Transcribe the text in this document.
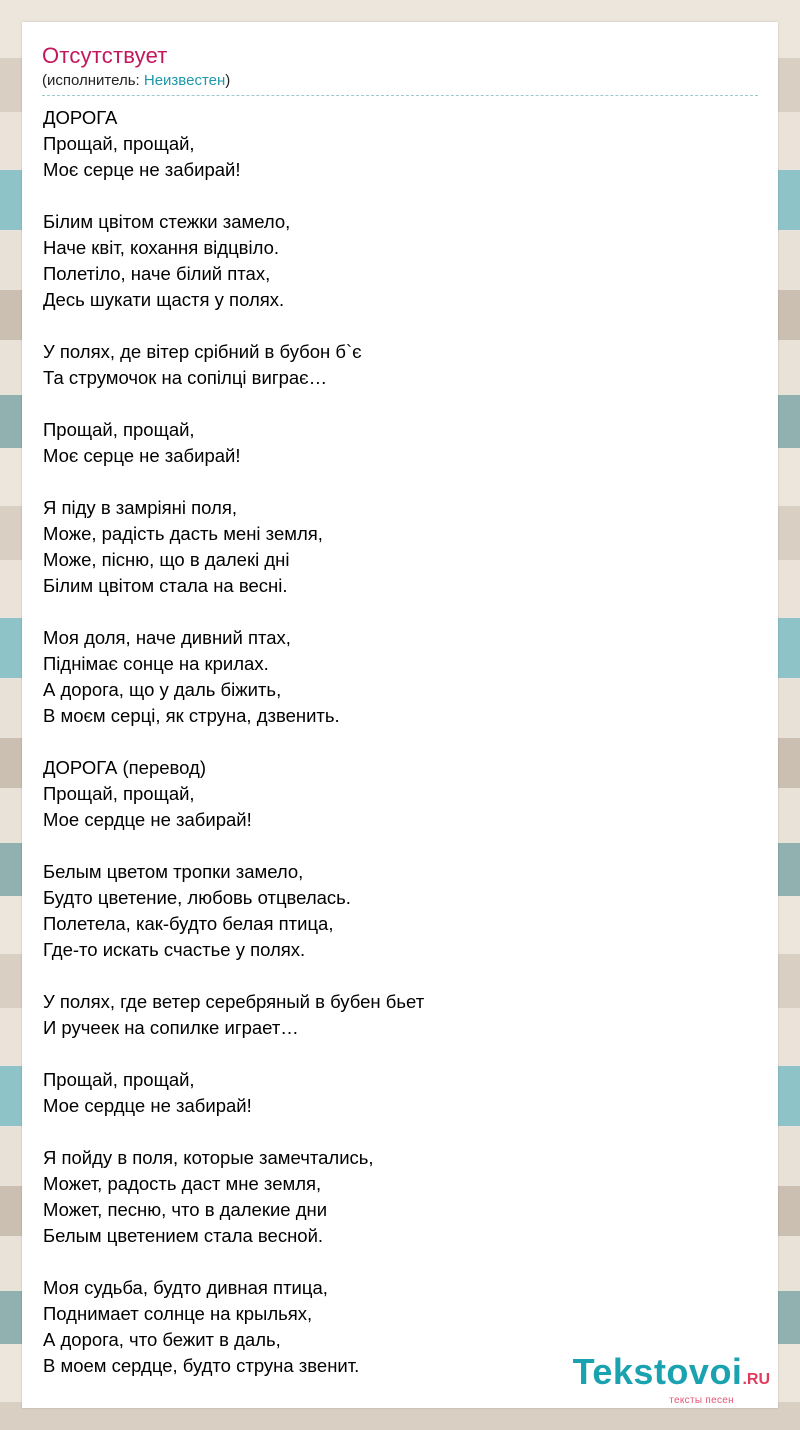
Отсутствует
(исполнитель: Неизвестен)
ДОРОГА
Прощай, прощай,
Моє серце не забирай!

Білим цвітом стежки замело,
Наче квіт, кохання відцвіло.
Полетіло, наче білий птах,
Десь шукати щастя у полях.

У полях, де вітер срібний в бубон б`є
Та струмочок на сопілці виграє…

Прощай, прощай,
Моє серце не забирай!

Я піду в замріяні поля,
Може, радість дасть мені земля,
Може, пісню, що в далекі дні
Білим цвітом стала на весні.

Моя доля, наче дивний птах,
Піднімає сонце на крилах.
А дорога, що у даль біжить,
В моєм серці, як струна, дзвенить.

ДОРОГА (перевод)
Прощай, прощай,
Мое сердце не забирай!

Белым цветом тропки замело,
Будто цветение, любовь отцвелась.
Полетела, как-будто белая птица,
Где-то искать счастье у полях.

У полях, где ветер серебряный в бубен бьет
И ручеек на сопилке играет…

Прощай, прощай,
Мое сердце не забирай!

Я пойду в поля, которые замечтались,
Может, радость даст мне земля,
Может, песню, что в далекие дни
Белым цветением стала весной.

Моя судьба, будто дивная птица,
Поднимает солнце на крыльях,
А дорога, что бежит в даль,
В моем сердце, будто струна звенит.	Tekstovoi.RU
тексты песен
